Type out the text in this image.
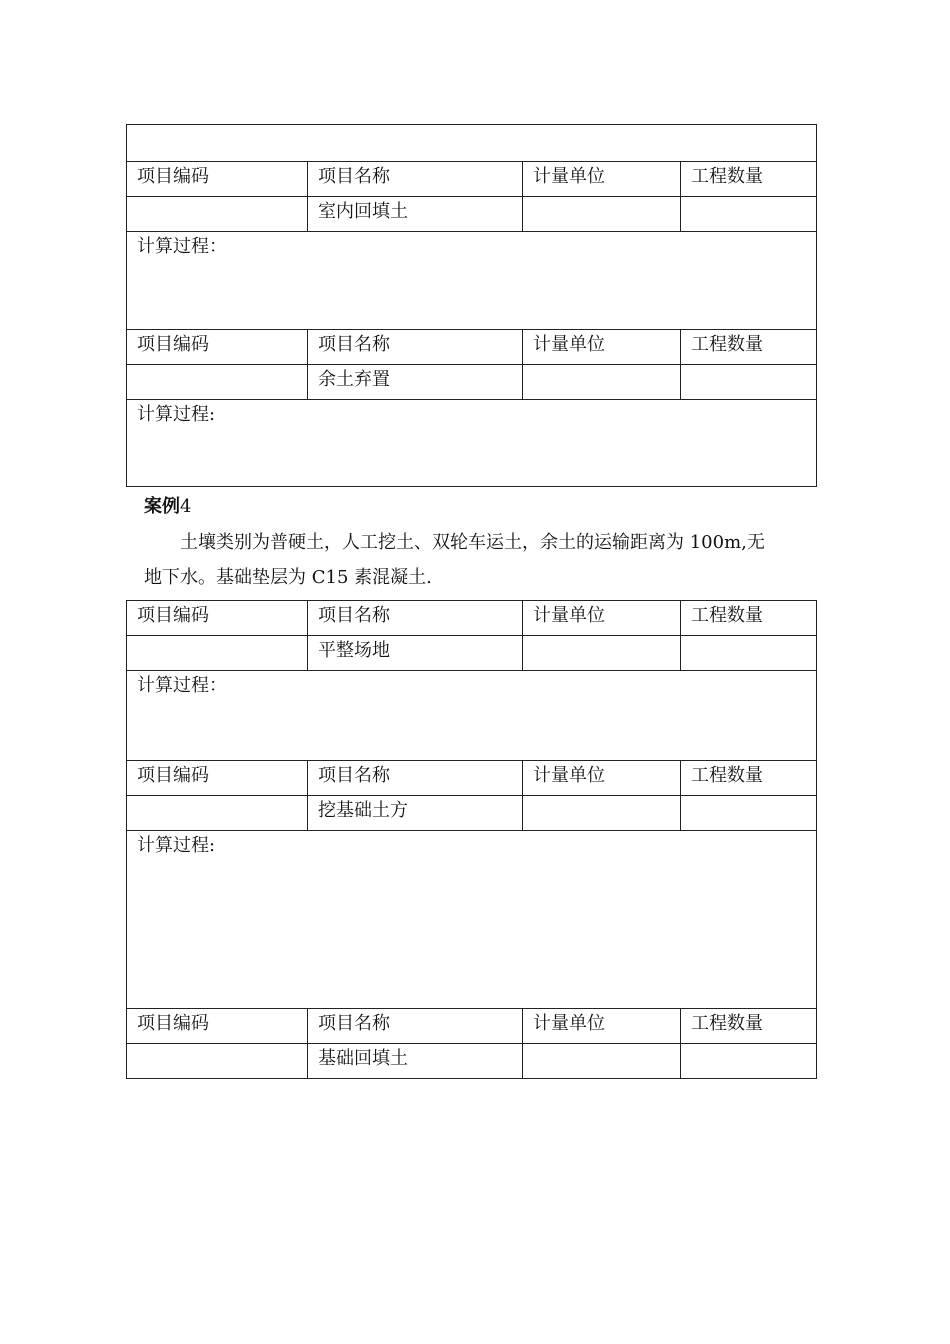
项目编码	项目名称	计量单位	工程数量
	室内回填土		
计算过程：			
项目编码	项目名称	计量单位	工程数量
	余土弃置		
计算过程:			
案例4
土壤类别为普硬土，人工挖土、双轮车运土，余土的运输距离为 100m,无
地下水。基础垫层为 C15 素混凝土.
项目编码	项目名称	计量单位	工程数量
	平整场地		
计算过程：			
项目编码	项目名称	计量单位	工程数量
	挖基础土方		
计算过程:			
项目编码	项目名称	计量单位	工程数量
	基础回填土		
